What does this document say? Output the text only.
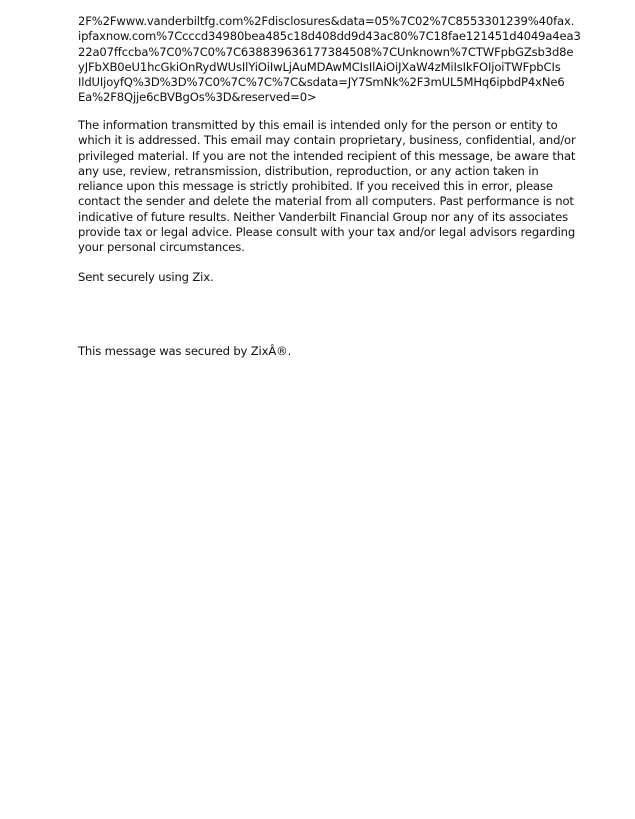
2F%2Fwww.vanderbiltfg.com%2Fdisclosures&data=05%7C02%7C8553301239%40fax.
ipfaxnow.com%7Ccccd34980bea485c18d408dd9d43ac80%7C18fae121451d4049a4ea3
22a07ffccba%7C0%7C0%7C638839636177384508%7CUnknown%7CTWFpbGZsb3d8e
yJFbXB0eU1hcGkiOnRydWUsIlYiOiIwLjAuMDAwMCIsIlAiOiJXaW4zMiIsIkFOIjoiTWFpbCIs
IldUIjoyfQ%3D%3D%7C0%7C%7C%7C&sdata=JY7SmNk%2F3mUL5MHq6ipbdP4xNe6
Ea%2F8Qjje6cBVBgOs%3D&reserved=0>
The information transmitted by this email is intended only for the person or entity to
which it is addressed. This email may contain proprietary, business, confidential, and/or
privileged material. If you are not the intended recipient of this message, be aware that
any use, review, retransmission, distribution, reproduction, or any action taken in
reliance upon this message is strictly prohibited. If you received this in error, please
contact the sender and delete the material from all computers. Past performance is not
indicative of future results. Neither Vanderbilt Financial Group nor any of its associates
provide tax or legal advice. Please consult with your tax and/or legal advisors regarding
your personal circumstances.
Sent securely using Zix.
This message was secured by ZixÂ®.
